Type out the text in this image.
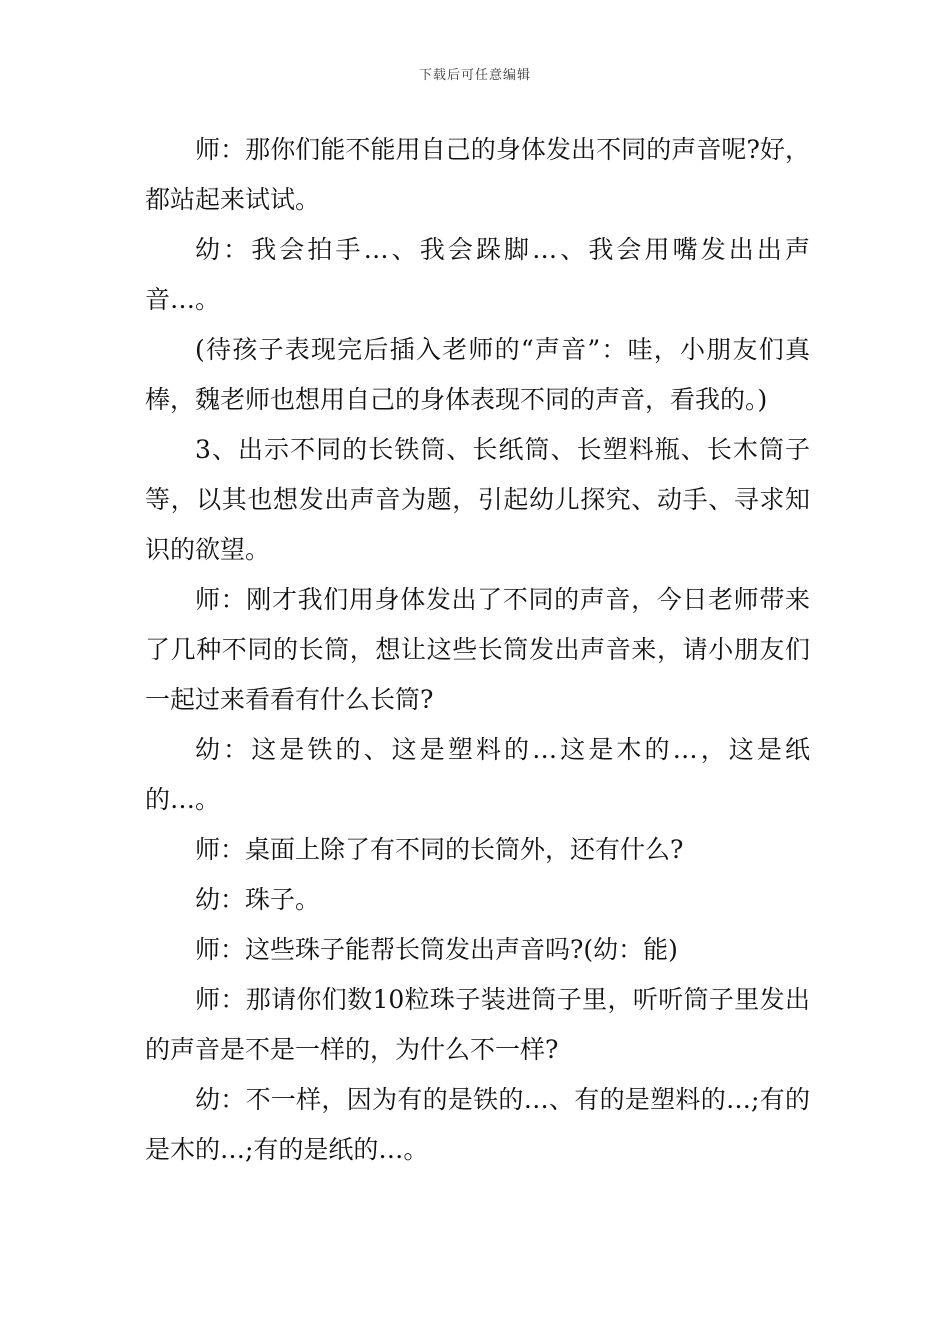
下载后可任意编辑

师：那你们能不能用自己的身体发出不同的声音呢?好，都站起来试试。

幼：我会拍手…、我会跺脚…、我会用嘴发出出声音…。

(待孩子表现完后插入老师的“声音”：哇，小朋友们真棒，魏老师也想用自己的身体表现不同的声音，看我的。)

3、出示不同的长铁筒、长纸筒、长塑料瓶、长木筒子等，以其也想发出声音为题，引起幼儿探究、动手、寻求知识的欲望。

师：刚才我们用身体发出了不同的声音，今日老师带来了几种不同的长筒，想让这些长筒发出声音来，请小朋友们一起过来看看有什么长筒?

幼：这是铁的、这是塑料的…这是木的…，这是纸的…。

师：桌面上除了有不同的长筒外，还有什么?

幼：珠子。

师：这些珠子能帮长筒发出声音吗?(幼：能)

师：那请你们数10粒珠子装进筒子里，听听筒子里发出的声音是不是一样的，为什么不一样?

幼：不一样，因为有的是铁的…、有的是塑料的…;有的是木的…;有的是纸的…。
